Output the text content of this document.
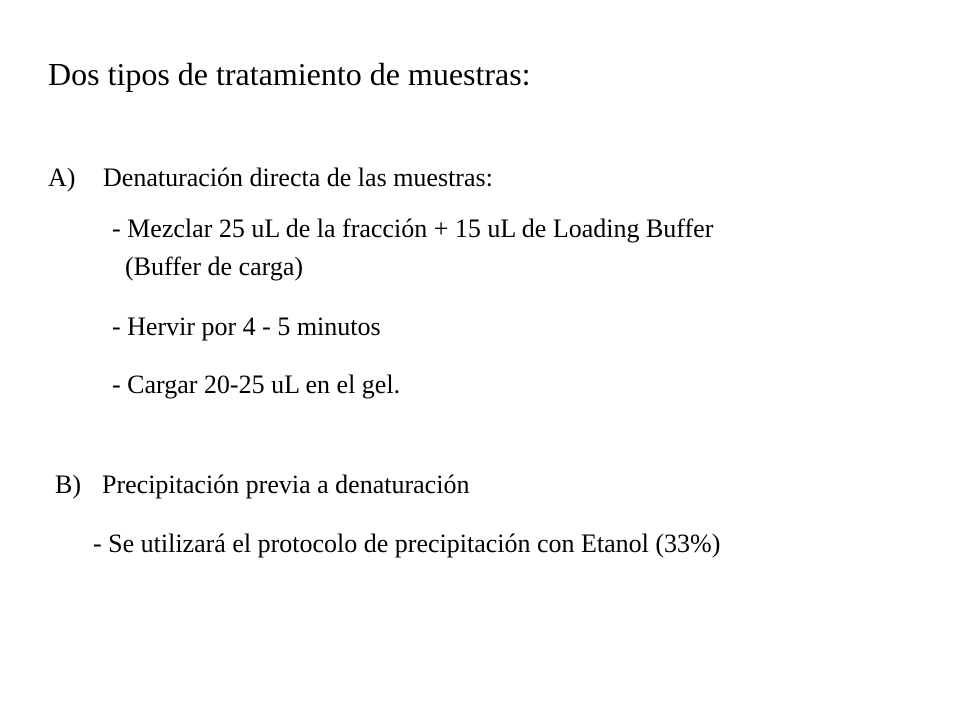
Dos tipos de tratamiento de muestras:
A) Denaturación directa de las muestras:
- Mezclar 25 uL de la fracción + 15 uL de Loading Buffer
(Buffer de carga)
- Hervir por 4 - 5 minutos
- Cargar 20-25 uL en el gel.
B) Precipitación previa a denaturación
- Se utilizará el protocolo de precipitación con Etanol (33%)
